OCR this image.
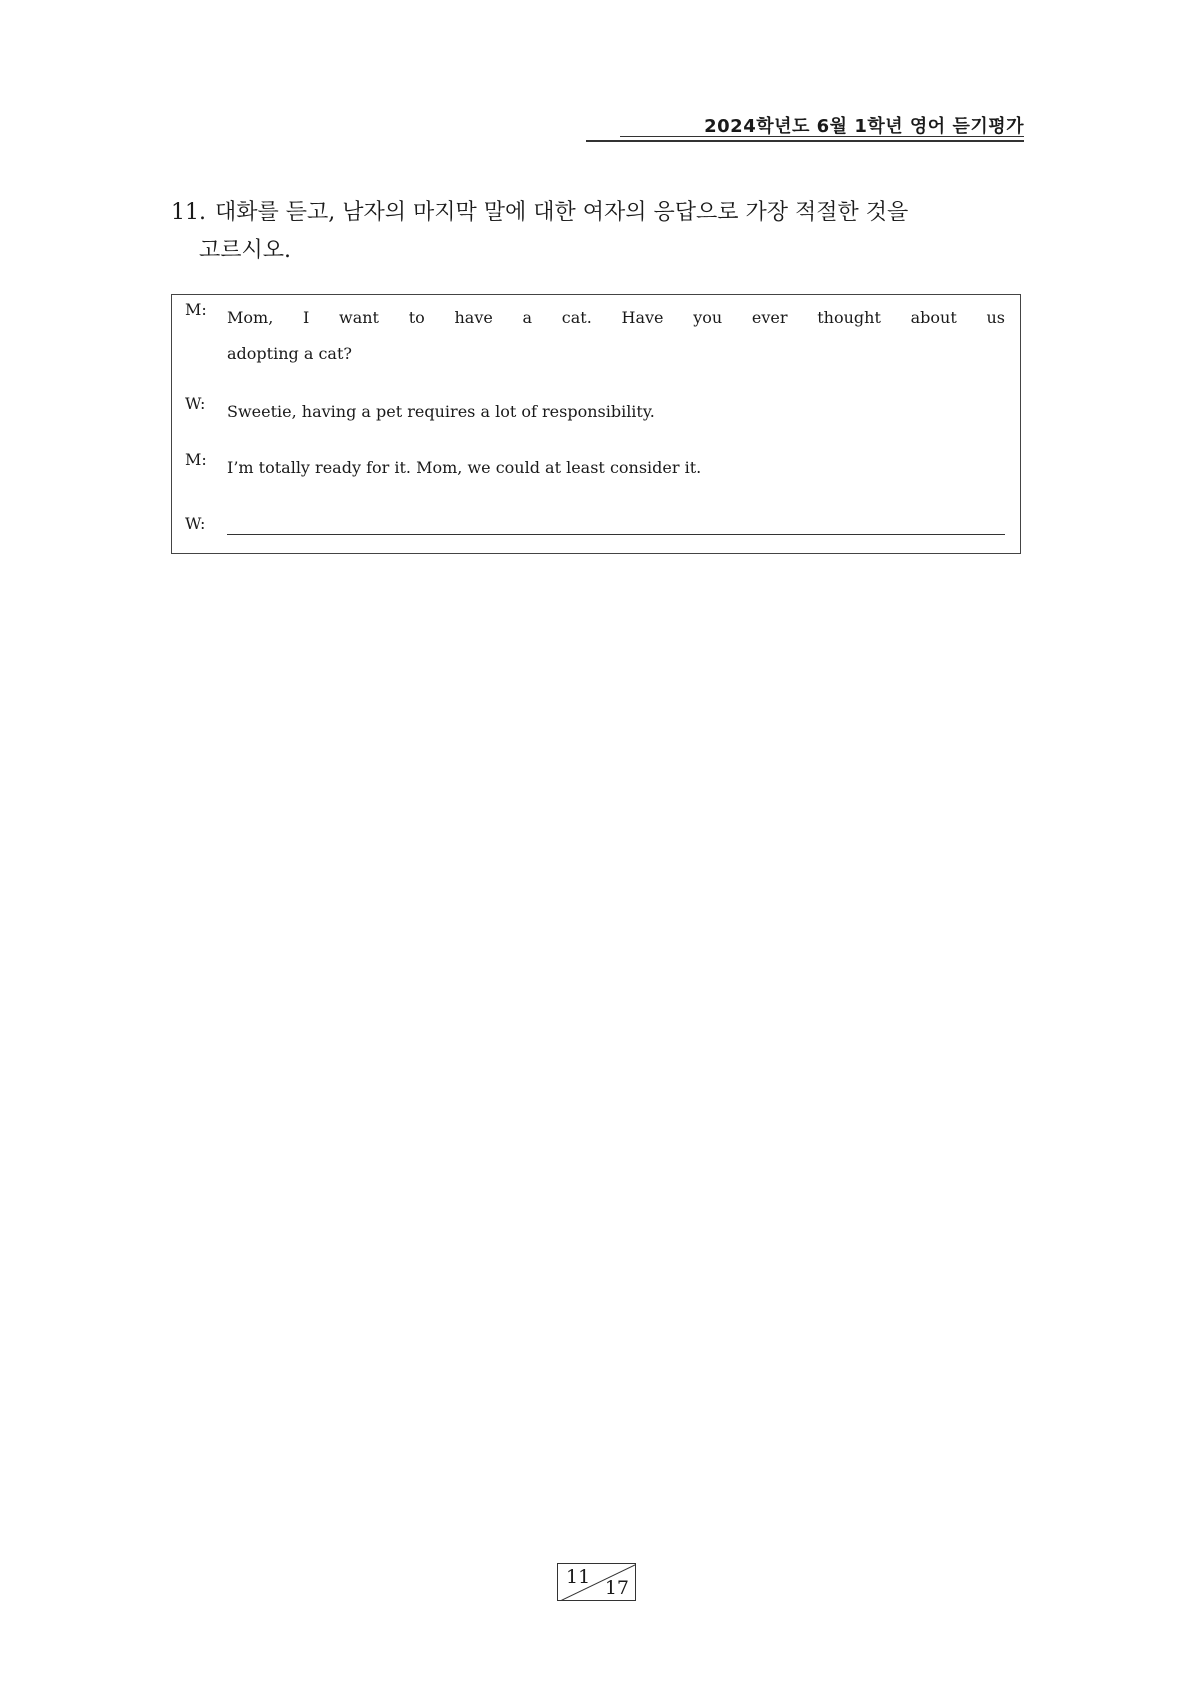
2024학년도 6월 1학년 영어 듣기평가
11. 대화를 듣고, 남자의 마지막 말에 대한 여자의 응답으로 가장 적절한 것을
고르시오.
M:	Mom, I want to have a cat. Have you ever thought about us
adopting a cat?
W:	Sweetie, having a pet requires a lot of responsibility.
M:	I’m totally ready for it. Mom, we could at least consider it.
W:
11 17
